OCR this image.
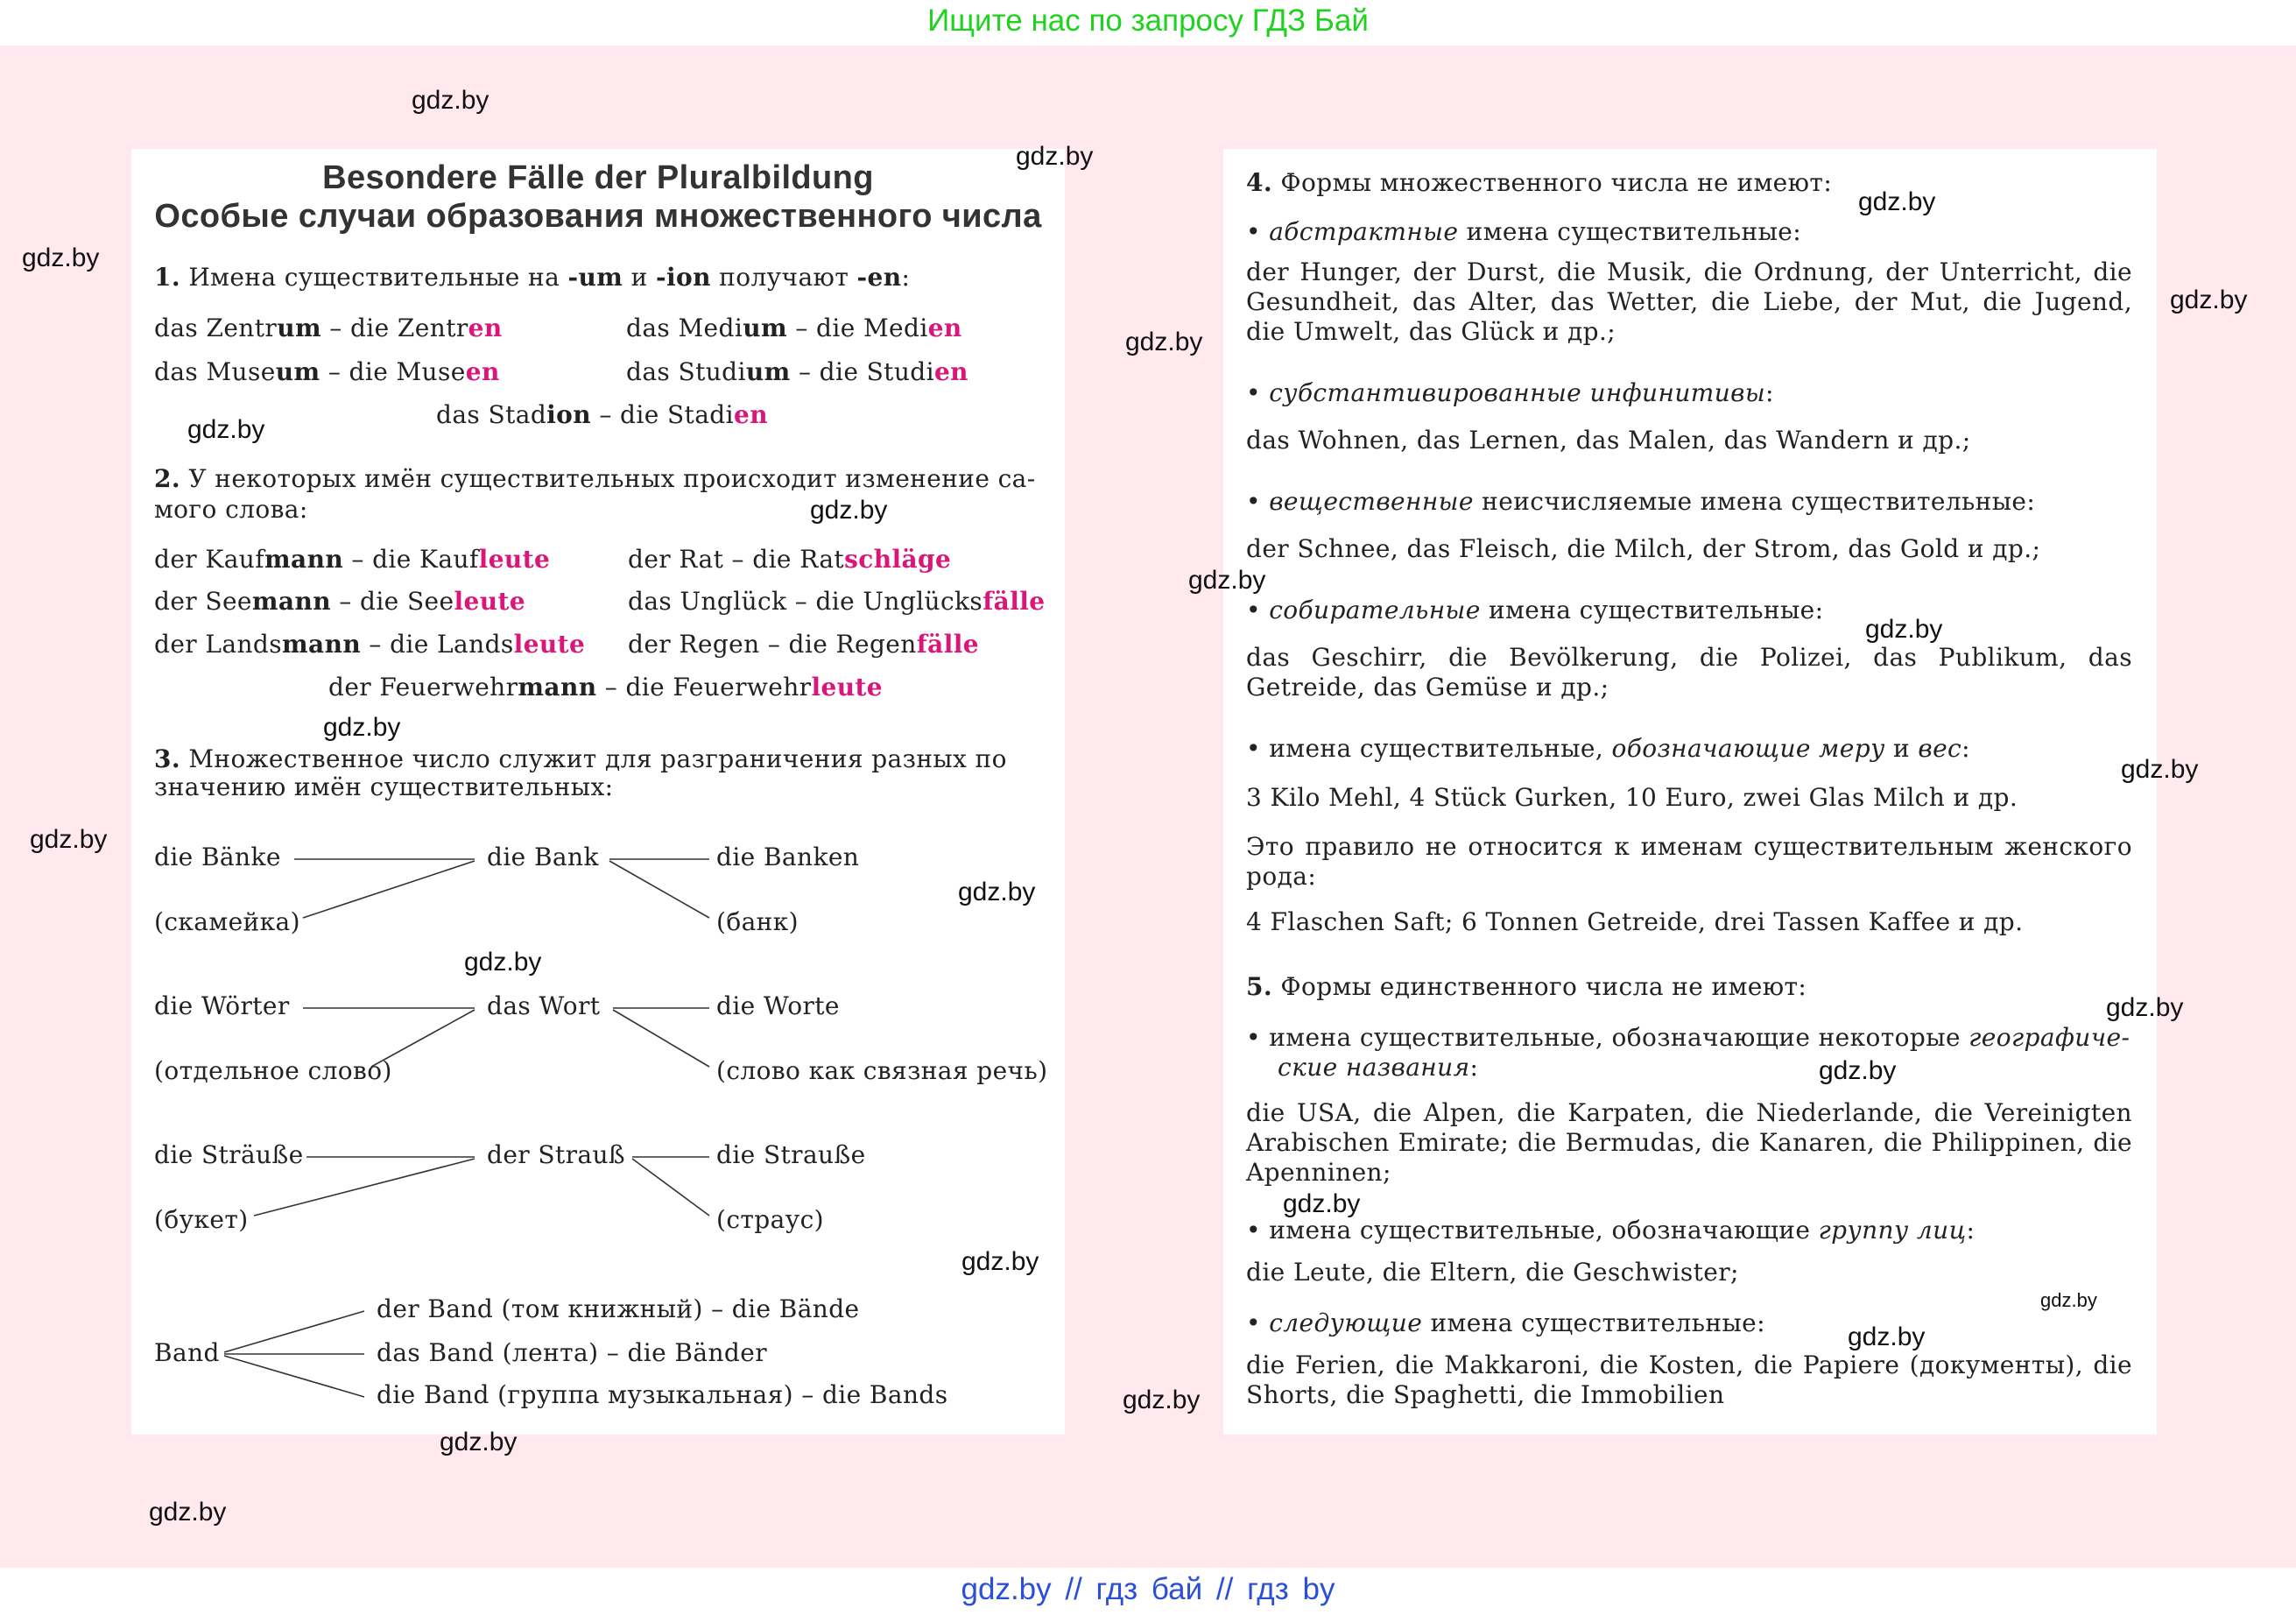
Ищите нас по запросу ГДЗ Бай
gdz.by // гдз бай // гдз by
Besondere Fälle der Pluralbildung
Особые случаи образования множественного числа
1. Имена существительные на -um и -ion получают -en:
das Zentrum – die Zentren	das Medium – die Medien
das Museum – die Museen	das Studium – die Studien
das Stadion – die Stadien
2. У некоторых имён существительных происходит изменение са-
мого слова:
der Kaufmann – die Kaufleute	der Rat – die Ratschläge
der Seemann – die Seeleute	das Unglück – die Unglücksfälle
der Landsmann – die Landsleute der Regen – die Regenfälle
der Feuerwehrmann – die Feuerwehrleute
3. Множественное число служит для разграничения разных по
значению имён существительных:
die Bänke
(скамейка)
die Bank	die Banken
(банк)
die Wörter
(отдельное слово)
das Wort	die Worte
(слово как связная речь)
die Sträuße
(букет)
der Strauß	die Strauße
(страус)
Band
der Band (том книжный) – die Bände
das Band (лента) – die Bänder
die Band (группа музыкальная) – die Bands
4. Формы множественного числа не имеют:
• абстрактные имена существительные:
der Hunger, der Durst, die Musik, die Ordnung, der Unterricht, die Gesundheit, das Alter, das Wetter, die Liebe, der Mut, die Jugend, die Umwelt, das Glück и др.;
• субстантивированные инфинитивы:
das Wohnen, das Lernen, das Malen, das Wandern и др.;
• вещественные неисчисляемые имена существительные:
der Schnee, das Fleisch, die Milch, der Strom, das Gold и др.;
• собирательные имена существительные:
das Geschirr, die Bevölkerung, die Polizei, das Publikum, das Getreide, das Gemüse и др.;
• имена существительные, обозначающие меру и вес:
3 Kilo Mehl, 4 Stück Gurken, 10 Euro, zwei Glas Milch и др.
Это правило не относится к именам существительным женского рода:
4 Flaschen Saft; 6 Tonnen Getreide, drei Tassen Kaffee и др.
5. Формы единственного числа не имеют:
• имена существительные, обозначающие некоторые географиче-
ские названия:
die USA, die Alpen, die Karpaten, die Niederlande, die Vereinigten Arabischen Emirate; die Bermudas, die Kanaren, die Philippinen, die Apenninen;
• имена существительные, обозначающие группу лиц:
die Leute, die Eltern, die Geschwister;
• следующие имена существительные:
die Ferien, die Makkaroni, die Kosten, die Papiere (документы), die Shorts, die Spaghetti, die Immobilien
gdz.by
gdz.by
gdz.by
gdz.by
gdz.by
gdz.by
gdz.by
gdz.by
gdz.by
gdz.by
gdz.by
gdz.by
gdz.by
gdz.by
gdz.by
gdz.by
gdz.by
gdz.by
gdz.by
gdz.by
gdz.by
gdz.by
gdz.by
gdz.by
